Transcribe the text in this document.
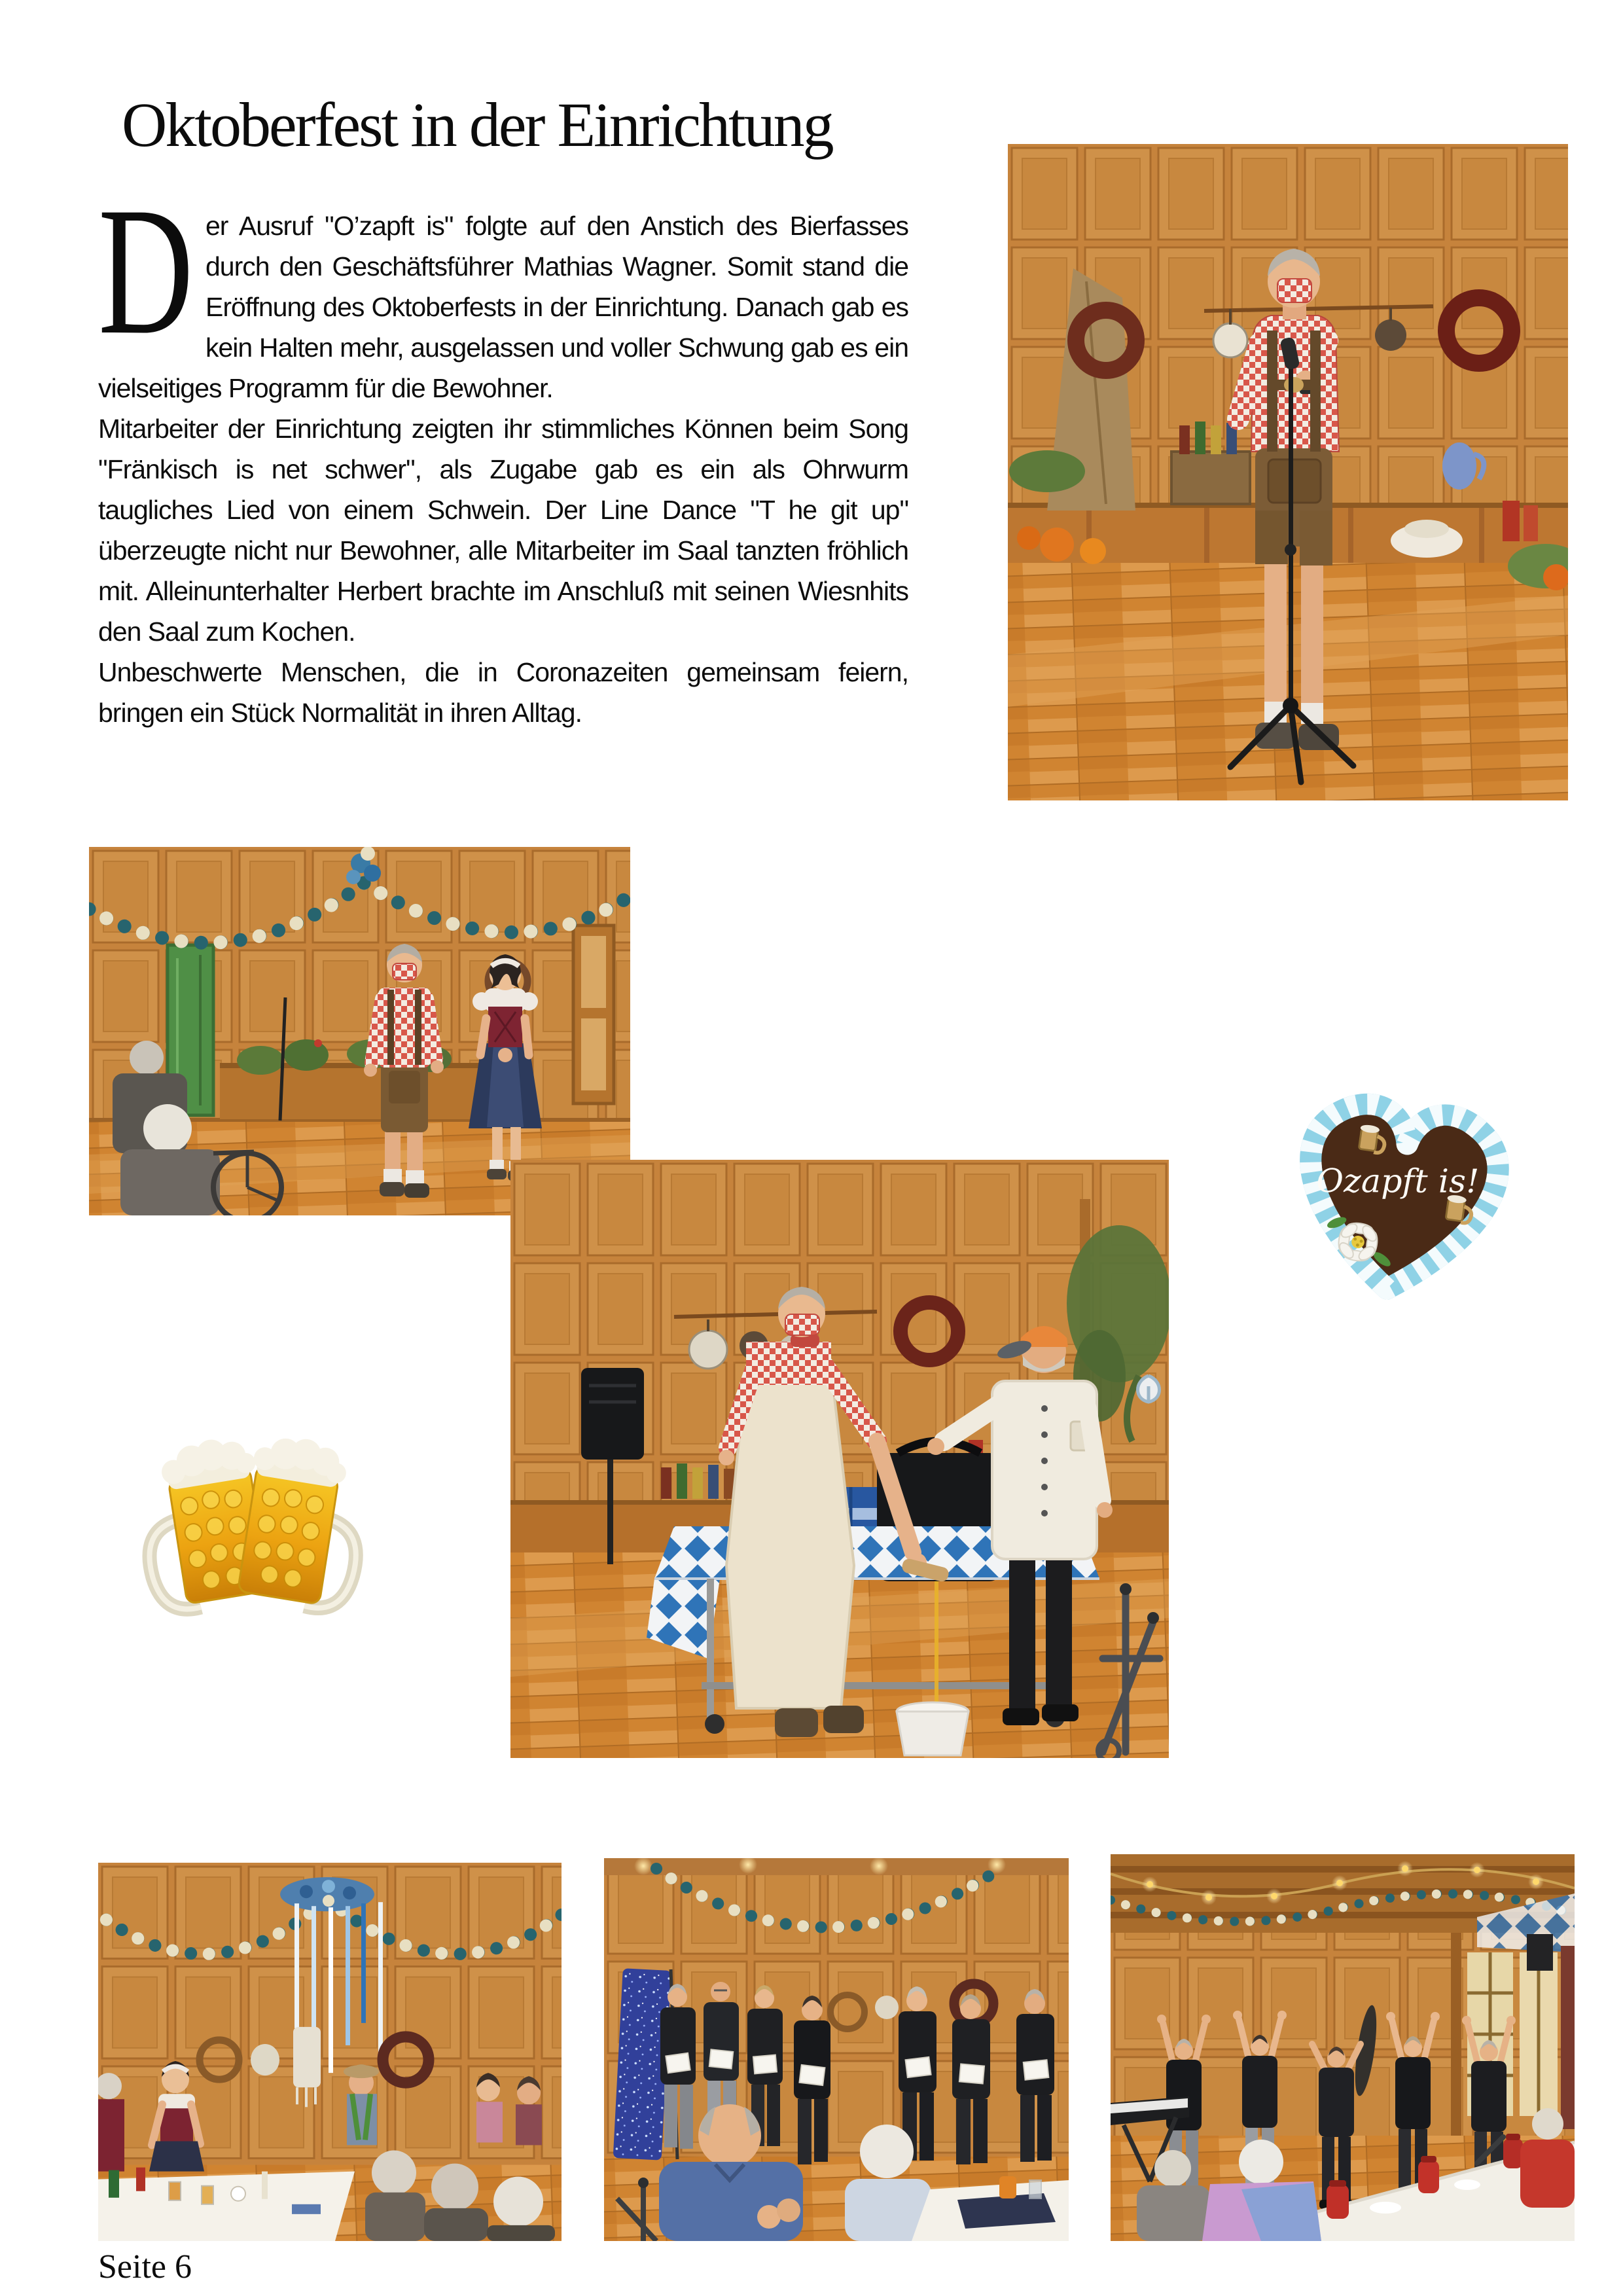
Oktoberfest in der Einrichtung

Der Ausruf "O’zapft is" folgte auf den Anstich des Bierfasses durch den Geschäftsführer Mathias Wagner. Somit stand die Eröffnung des Oktoberfests in der Einrichtung. Danach gab es kein Halten mehr, ausgelassen und voller Schwung gab es ein vielseitiges Programm für die Bewohner.

Mitarbeiter der Einrichtung zeigten ihr stimmliches Können beim Song "Fränkisch is net schwer", als Zugabe gab es ein als Ohrwurm taugliches Lied von einem Schwein. Der Line Dance "T he git up" überzeugte nicht nur Bewohner, alle Mitarbeiter im Saal tanzten fröhlich mit. Alleinunterhalter Herbert brachte im Anschluß mit seinen Wiesnhits den Saal zum Kochen.

Unbeschwerte Menschen, die in Coronazeiten gemeinsam feiern, bringen ein Stück Normalität in ihren Alltag.

Ozapft is!
Seite 6
